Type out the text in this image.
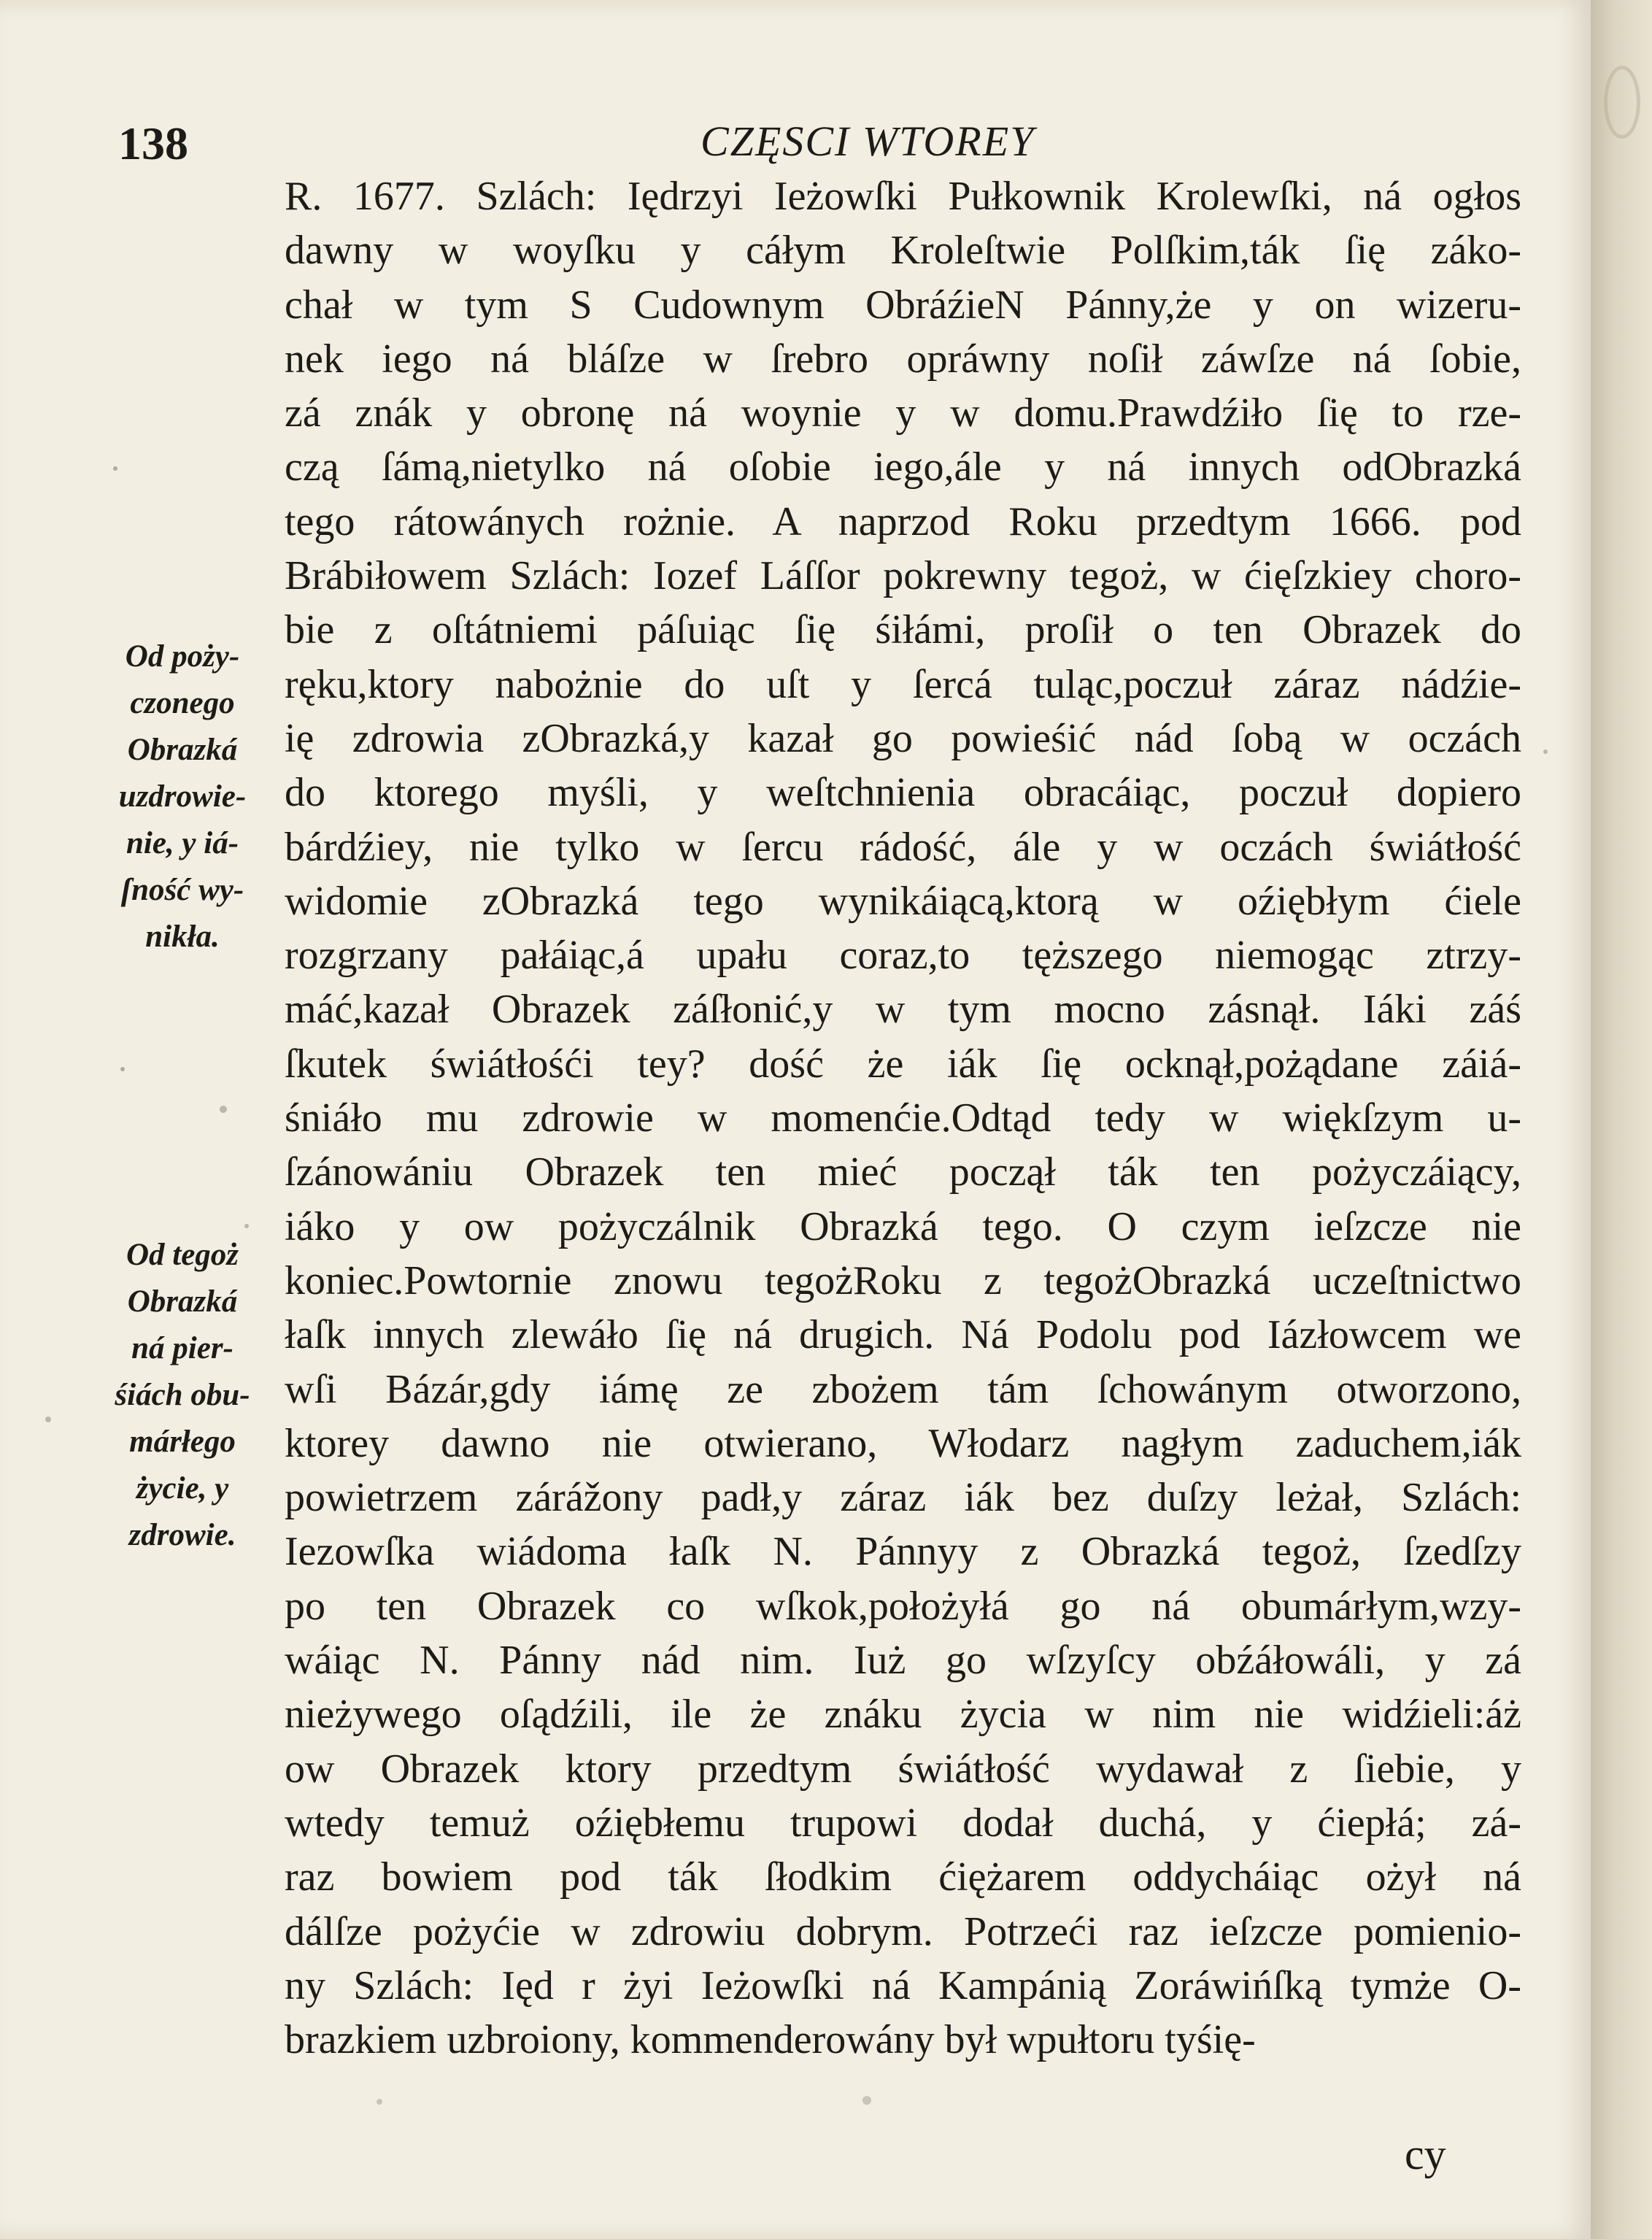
138	CZĘSCI WTOREY
R. 1677. Szlách: Iędrzyi Ieżowſki Pułkownik Krolewſki, ná ogłos
dawny w woyſku y cáłym Kroleſtwie Polſkim,ták ſię záko-
chał w tym S Cudownym ObráźieN Pánny,że y on wizeru-
nek iego ná bláſze w ſrebro opráwny noſił záwſze ná ſobie,
zá znák y obronę ná woynie y w domu.Prawdźiło ſię to rze-
czą ſámą,nietylko ná oſobie iego,ále y ná innych odObrazká
tego rátowánych rożnie. A naprzod Roku przedtym 1666. pod
Brábiłowem Szlách: Iozef Láſſor pokrewny tegoż, w ćięſzkiey choro-
bie z oſtátniemi páſuiąc ſię śiłámi, proſił o ten Obrazek do
ręku,ktory nabożnie do uſt y ſercá tuląc,poczuł záraz nádźie-
ię zdrowia zObrazká,y kazał go powieśić nád ſobą w oczách
do ktorego myśli, y weſtchnienia obracáiąc, poczuł dopiero
bárdźiey, nie tylko w ſercu rádość, ále y w oczách świátłość
widomie zObrazká tego wynikáiącą,ktorą w oźiębłym ćiele
rozgrzany pałáiąc,á upału coraz,to tęższego niemogąc ztrzy-
máć,kazał Obrazek záſłonić,y w tym mocno zásnął. Iáki záś
ſkutek świátłośći tey? dość że iák ſię ocknął,pożądane záiá-
śniáło mu zdrowie w momenćie.Odtąd tedy w więkſzym u-
ſzánowániu Obrazek ten mieć począł ták ten pożyczáiący,
iáko y ow pożyczálnik Obrazká tego. O czym ieſzcze nie
koniec.Powtornie znowu tegożRoku z tegożObrazká uczeſtnictwo
łaſk innych zlewáło ſię ná drugich. Ná Podolu pod Iázłowcem we
wſi Bázár,gdy iámę ze zbożem tám ſchowánym otworzono,
ktorey dawno nie otwierano, Włodarz nagłym zaduchem,iák
powietrzem zárážony padł,y záraz iák bez duſzy leżał, Szlách:
Iezowſka wiádoma łaſk N. Pánnyy z Obrazká tegoż, ſzedſzy
po ten Obrazek co wſkok,położyłá go ná obumárłym,wzy-
wáiąc N. Pánny nád nim. Iuż go wſzyſcy obźáłowáli, y zá
nieżywego oſądźili, ile że znáku życia w nim nie widźieli:áż
ow Obrazek ktory przedtym świátłość wydawał z ſiebie, y
wtedy temuż oźiębłemu trupowi dodał duchá, y ćiepłá; zá-
raz bowiem pod ták ſłodkim ćiężarem oddycháiąc ożył ná
dálſze pożyćie w zdrowiu dobrym. Potrzeći raz ieſzcze pomienio-
ny Szlách: Ięd r żyi Ieżowſki ná Kampánią Zoráwińſką tymże O-
brazkiem uzbroiony, kommenderowány był wpułtoru tyśię-
Od poży-
czonego
Obrazká
uzdrowie-
nie, y iá-
ſność wy-
nikła.
Od tegoż
Obrazká
ná pier-
śiách obu-
márłego
życie, y
zdrowie.
cy
